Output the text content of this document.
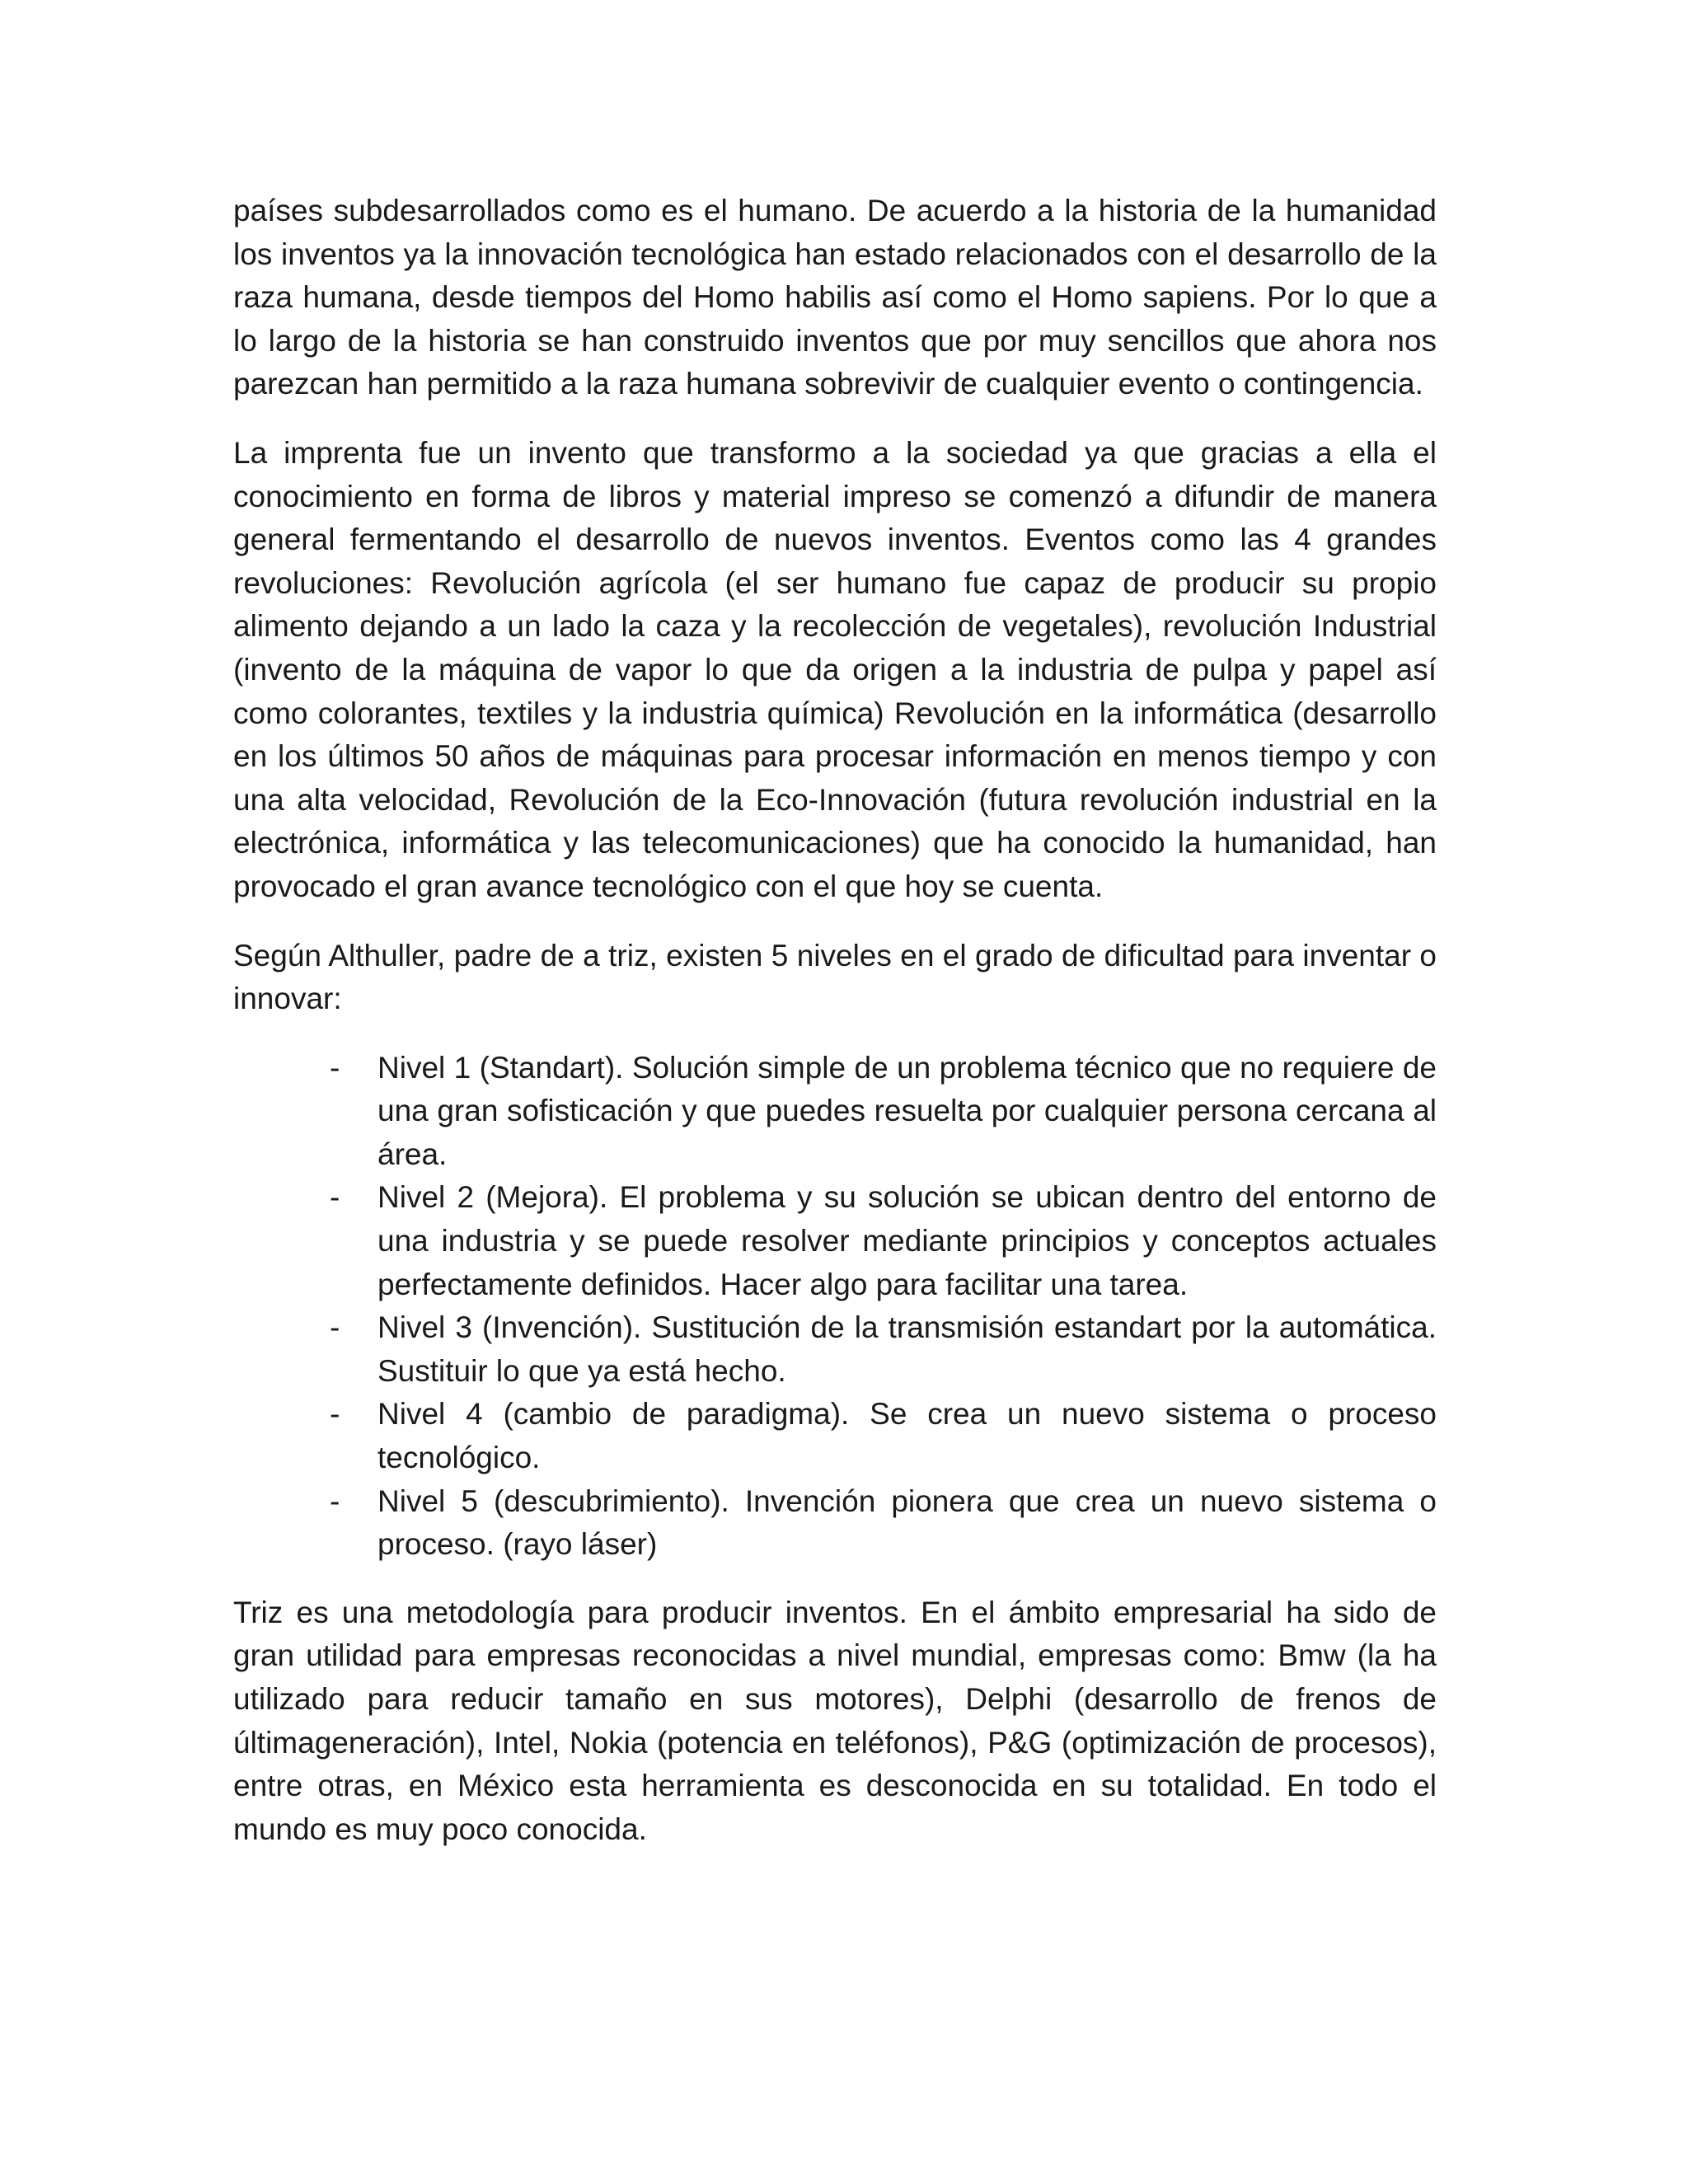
países subdesarrollados como es el humano. De acuerdo a la historia de la humanidad los inventos ya la innovación tecnológica han estado relacionados con el desarrollo de la raza humana, desde tiempos del Homo habilis así como el Homo sapiens. Por lo que a lo largo de la historia se han construido inventos que por muy sencillos que ahora nos parezcan han permitido a la raza humana sobrevivir de cualquier evento o contingencia.

La imprenta fue un invento que transformo a la sociedad ya que gracias a ella el conocimiento en forma de libros y material impreso se comenzó a difundir de manera general fermentando el desarrollo de nuevos inventos. Eventos como las 4 grandes revoluciones: Revolución agrícola (el ser humano fue capaz de producir su propio alimento dejando a un lado la caza y la recolección de vegetales), revolución Industrial (invento de la máquina de vapor lo que da origen a la industria de pulpa y papel así como colorantes, textiles y la industria química) Revolución en la informática (desarrollo en los últimos 50 años de máquinas para procesar información en menos tiempo y con una alta velocidad, Revolución de la Eco-Innovación (futura revolución industrial en la electrónica, informática y las telecomunicaciones) que ha conocido la humanidad, han provocado el gran avance tecnológico con el que hoy se cuenta.

Según Althuller, padre de a triz, existen 5 niveles en el grado de dificultad para inventar o innovar:

- Nivel 1 (Standart). Solución simple de un problema técnico que no requiere de una gran sofisticación y que puedes resuelta por cualquier persona cercana al área.
- Nivel 2 (Mejora). El problema y su solución se ubican dentro del entorno de una industria y se puede resolver mediante principios y conceptos actuales perfectamente definidos. Hacer algo para facilitar una tarea.
- Nivel 3 (Invención). Sustitución de la transmisión estandart por la automática. Sustituir lo que ya está hecho.
- Nivel 4 (cambio de paradigma). Se crea un nuevo sistema o proceso tecnológico.
- Nivel 5 (descubrimiento). Invención pionera que crea un nuevo sistema o proceso. (rayo láser)

Triz es una metodología para producir inventos. En el ámbito empresarial ha sido de gran utilidad para empresas reconocidas a nivel mundial, empresas como: Bmw (la ha utilizado para reducir tamaño en sus motores), Delphi (desarrollo de frenos de últimageneración), Intel, Nokia (potencia en teléfonos), P&G (optimización de procesos), entre otras, en México esta herramienta es desconocida en su totalidad. En todo el mundo es muy poco conocida.
